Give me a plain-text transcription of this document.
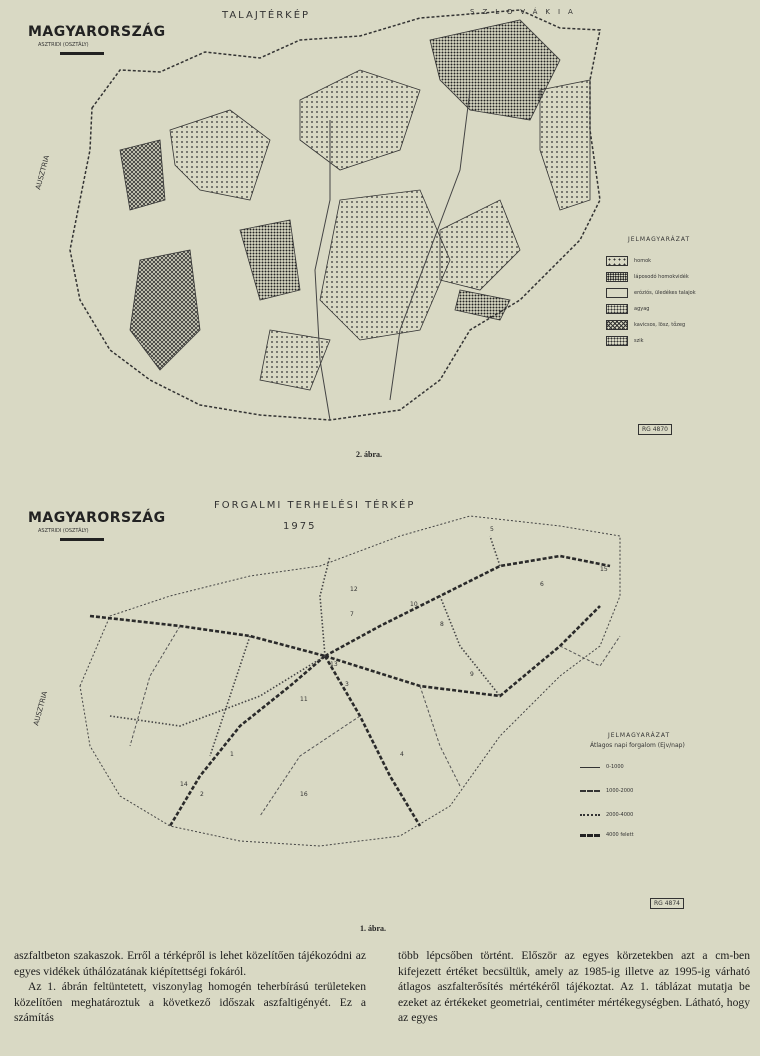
TALAJTÉRKÉP
MAGYARORSZÁG
ASZTRIDI (OSZTÁLY)
AUSZTRIA
SZLOVÁKIA
JELMAGYARÁZAT
homok
láposodó homokvidék
eróziós, üledékes talajok
agyag
kavicsos, lösz, tőzeg
szik
RG 4870
2. ábra.
FORGALMI TERHELÉSI TÉRKÉP
1975
MAGYARORSZÁG
ASZTRIDI (OSZTÁLY)
AUSZTRIA
1
2
3
4
5
6
7
8
9
10
11
12
13
14
15
16
JELMAGYARÁZAT
Átlagos napi forgalom (Ejv/nap)
0-1000
1000-2000
2000-4000
4000 felett
RG 4874
1. ábra.

aszfaltbeton szakaszok. Erről a térképről is lehet közelítően tájékozódni az egyes vidékek úthálózatának kiépítettségi fokáról.

Az 1. ábrán feltüntetett, viszonylag homogén teherbírású területeken közelítően meghatároztuk a következő időszak aszfaltigényét. Ez a számítás

több lépcsőben történt. Először az egyes körzetekben azt a cm-ben kifejezett értéket becsültük, amely az 1985-ig illetve az 1995-ig várható átlagos aszfalterősítés mértékéről tájékoztat. Az 1. táblázat mutatja be ezeket az értékeket geometriai, centiméter mértékegységben. Látható, hogy az egyes
